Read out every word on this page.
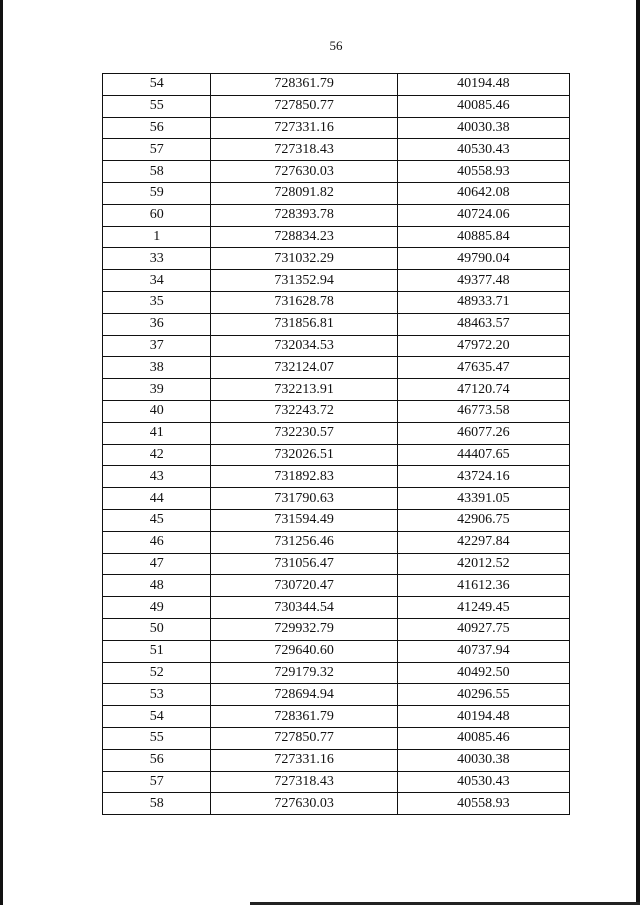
56
54	728361.79	40194.48
55	727850.77	40085.46
56	727331.16	40030.38
57	727318.43	40530.43
58	727630.03	40558.93
59	728091.82	40642.08
60	728393.78	40724.06
1	728834.23	40885.84
33	731032.29	49790.04
34	731352.94	49377.48
35	731628.78	48933.71
36	731856.81	48463.57
37	732034.53	47972.20
38	732124.07	47635.47
39	732213.91	47120.74
40	732243.72	46773.58
41	732230.57	46077.26
42	732026.51	44407.65
43	731892.83	43724.16
44	731790.63	43391.05
45	731594.49	42906.75
46	731256.46	42297.84
47	731056.47	42012.52
48	730720.47	41612.36
49	730344.54	41249.45
50	729932.79	40927.75
51	729640.60	40737.94
52	729179.32	40492.50
53	728694.94	40296.55
54	728361.79	40194.48
55	727850.77	40085.46
56	727331.16	40030.38
57	727318.43	40530.43
58	727630.03	40558.93
